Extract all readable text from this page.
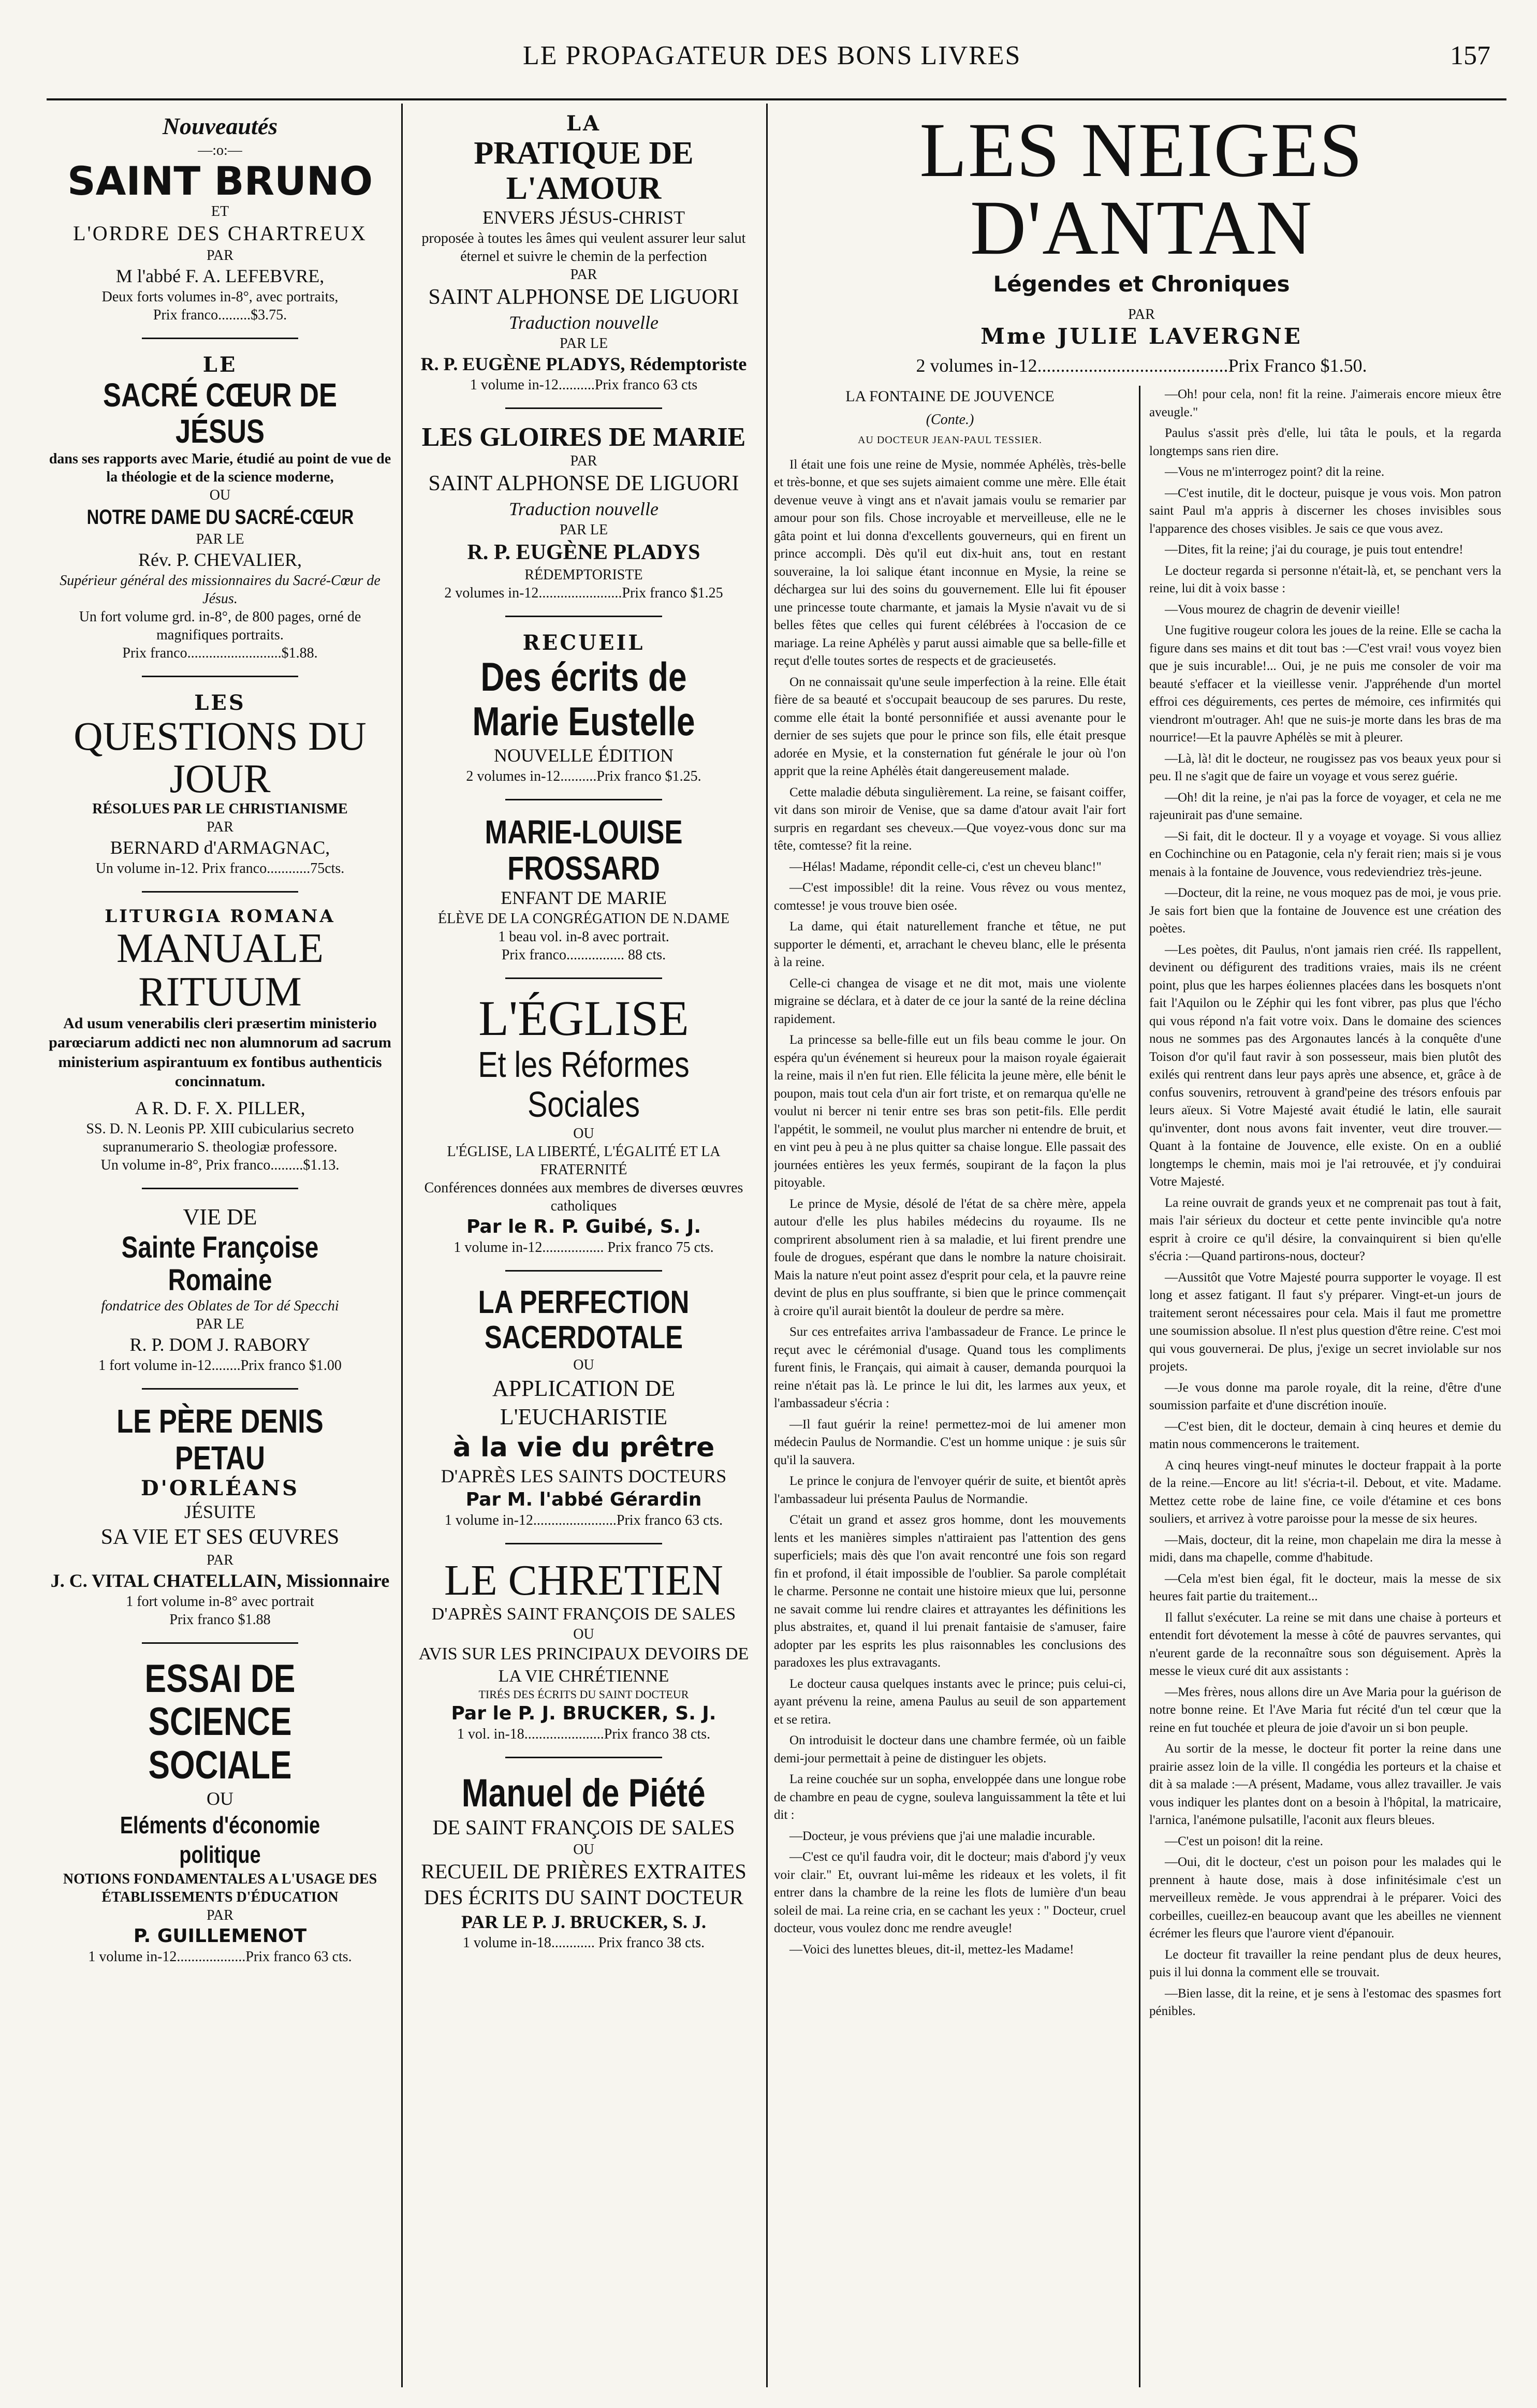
LE PROPAGATEUR DES BONS LIVRES	157
Nouveautés
—:o:—
SAINT BRUNO
ET
L'ORDRE DES CHARTREUX
PAR
M l'abbé F. A. LEFEBVRE,
Deux forts volumes in-8°, avec portraits,
Prix franco.........$3.75.
LE
SACRÉ CŒUR DE JÉSUS
dans ses rapports avec Marie, étudié au point de vue de la théologie et de la science moderne,
OU
NOTRE DAME DU SACRÉ-CŒUR
PAR LE
Rév. P. CHEVALIER,
Supérieur général des missionnaires du Sacré-Cœur de Jésus.
Un fort volume grd. in-8°, de 800 pages, orné de magnifiques portraits.
Prix franco..........................$1.88.
LES
QUESTIONS DU JOUR
RÉSOLUES PAR LE CHRISTIANISME
PAR
BERNARD d'ARMAGNAC,
Un volume in-12. Prix franco............75cts.
LITURGIA ROMANA
MANUALE RITUUM
Ad usum venerabilis cleri præsertim ministerio parœciarum addicti nec non alumnorum ad sacrum ministerium aspirantuum ex fontibus authenticis concinnatum.
A R. D. F. X. PILLER,
SS. D. N. Leonis PP. XIII cubicularius secreto supranumerario S. theologiæ professore.
Un volume in-8°, Prix franco.........$1.13.
VIE DE
Sainte Françoise Romaine
fondatrice des Oblates de Tor dé Specchi
PAR LE
R. P. DOM J. RABORY
1 fort volume in-12........Prix franco $1.00
LE PÈRE DENIS PETAU
D'ORLÉANS
JÉSUITE
SA VIE ET SES ŒUVRES
PAR
J. C. VITAL CHATELLAIN, Missionnaire
1 fort volume in-8° avec portrait
Prix franco $1.88
ESSAI DE SCIENCE SOCIALE
OU
Eléments d'économie politique
NOTIONS FONDAMENTALES A L'USAGE DES ÉTABLISSEMENTS D'ÉDUCATION
PAR
P. GUILLEMENOT
1 volume in-12...................Prix franco 63 cts.
LA
PRATIQUE DE L'AMOUR
ENVERS JÉSUS-CHRIST
proposée à toutes les âmes qui veulent assurer leur salut éternel et suivre le chemin de la perfection
PAR
SAINT ALPHONSE DE LIGUORI
Traduction nouvelle
PAR LE
R. P. EUGÈNE PLADYS, Rédemptoriste
1 volume in-12..........Prix franco 63 cts
LES GLOIRES DE MARIE
PAR
SAINT ALPHONSE DE LIGUORI
Traduction nouvelle
PAR LE
R. P. EUGÈNE PLADYS
RÉDEMPTORISTE
2 volumes in-12.......................Prix franco $1.25
RECUEIL
Des écrits de Marie Eustelle
NOUVELLE ÉDITION
2 volumes in-12..........Prix franco $1.25.
MARIE-LOUISE FROSSARD
ENFANT DE MARIE
ÉLÈVE DE LA CONGRÉGATION DE N.DAME
1 beau vol. in-8 avec portrait.
Prix franco................ 88 cts.
L'ÉGLISE
Et les Réformes Sociales
OU
L'ÉGLISE, LA LIBERTÉ, L'ÉGALITÉ ET LA FRATERNITÉ
Conférences données aux membres de diverses œuvres catholiques
Par le R. P. Guibé, S. J.
1 volume in-12................. Prix franco 75 cts.
LA PERFECTION SACERDOTALE
OU
APPLICATION DE L'EUCHARISTIE
à la vie du prêtre
D'APRÈS LES SAINTS DOCTEURS
Par M. l'abbé Gérardin
1 volume in-12.......................Prix franco 63 cts.
LE CHRETIEN
D'APRÈS SAINT FRANÇOIS DE SALES
OU
AVIS SUR LES PRINCIPAUX DEVOIRS DE LA VIE CHRÉTIENNE
TIRÉS DES ÉCRITS DU SAINT DOCTEUR
Par le P. J. BRUCKER, S. J.
1 vol. in-18......................Prix franco 38 cts.
Manuel de Piété
DE SAINT FRANÇOIS DE SALES
OU
RECUEIL DE PRIÈRES EXTRAITES DES ÉCRITS DU SAINT DOCTEUR
PAR LE P. J. BRUCKER, S. J.
1 volume in-18............ Prix franco 38 cts.
LES NEIGES D'ANTAN
Légendes et Chroniques
PAR
Mme JULIE LAVERGNE
2 volumes in-12.........................................Prix Franco $1.50.

LA FONTAINE DE JOUVENCE

(Conte.)

AU DOCTEUR JEAN-PAUL TESSIER.

Il était une fois une reine de Mysie, nommée Aphélès, très-belle et très-bonne, et que ses sujets aimaient comme une mère. Elle était devenue veuve à vingt ans et n'avait jamais voulu se remarier par amour pour son fils. Chose incroyable et merveilleuse, elle ne le gâta point et lui donna d'excellents gouverneurs, qui en firent un prince accompli. Dès qu'il eut dix-huit ans, tout en restant souveraine, la loi salique étant inconnue en Mysie, la reine se déchargea sur lui des soins du gouvernement. Elle lui fit épouser une princesse toute charmante, et jamais la Mysie n'avait vu de si belles fêtes que celles qui furent célébrées à l'occasion de ce mariage. La reine Aphélès y parut aussi aimable que sa belle-fille et reçut d'elle toutes sortes de respects et de gracieusetés.

On ne connaissait qu'une seule imperfection à la reine. Elle était fière de sa beauté et s'occupait beaucoup de ses parures. Du reste, comme elle était la bonté personnifiée et aussi avenante pour le dernier de ses sujets que pour le prince son fils, elle était presque adorée en Mysie, et la consternation fut générale le jour où l'on apprit que la reine Aphélès était dangereusement malade.

Cette maladie débuta singulièrement. La reine, se faisant coiffer, vit dans son miroir de Venise, que sa dame d'atour avait l'air fort surpris en regardant ses cheveux.—Que voyez-vous donc sur ma tête, comtesse? fit la reine.

—Hélas! Madame, répondit celle-ci, c'est un cheveu blanc!"

—C'est impossible! dit la reine. Vous rêvez ou vous mentez, comtesse! je vous trouve bien osée.

La dame, qui était naturellement franche et têtue, ne put supporter le démenti, et, arrachant le cheveu blanc, elle le présenta à la reine.

Celle-ci changea de visage et ne dit mot, mais une violente migraine se déclara, et à dater de ce jour la santé de la reine déclina rapidement.

La princesse sa belle-fille eut un fils beau comme le jour. On espéra qu'un événement si heureux pour la maison royale égaierait la reine, mais il n'en fut rien. Elle félicita la jeune mère, elle bénit le poupon, mais tout cela d'un air fort triste, et on remarqua qu'elle ne voulut ni bercer ni tenir entre ses bras son petit-fils. Elle perdit l'appétit, le sommeil, ne voulut plus marcher ni entendre de bruit, et en vint peu à peu à ne plus quitter sa chaise longue. Elle passait des journées entières les yeux fermés, soupirant de la façon la plus pitoyable.

Le prince de Mysie, désolé de l'état de sa chère mère, appela autour d'elle les plus habiles médecins du royaume. Ils ne comprirent absolument rien à sa maladie, et lui firent prendre une foule de drogues, espérant que dans le nombre la nature choisirait. Mais la nature n'eut point assez d'esprit pour cela, et la pauvre reine devint de plus en plus souffrante, si bien que le prince commençait à croire qu'il aurait bientôt la douleur de perdre sa mère.

Sur ces entrefaites arriva l'ambassadeur de France. Le prince le reçut avec le cérémonial d'usage. Quand tous les compliments furent finis, le Français, qui aimait à causer, demanda pourquoi la reine n'était pas là. Le prince le lui dit, les larmes aux yeux, et l'ambassadeur s'écria :

—Il faut guérir la reine! permettez-moi de lui amener mon médecin Paulus de Normandie. C'est un homme unique : je suis sûr qu'il la sauvera.

Le prince le conjura de l'envoyer quérir de suite, et bientôt après l'ambassadeur lui présenta Paulus de Normandie.

C'était un grand et assez gros homme, dont les mouvements lents et les manières simples n'attiraient pas l'attention des gens superficiels; mais dès que l'on avait rencontré une fois son regard fin et profond, il était impossible de l'oublier. Sa parole complétait le charme. Personne ne contait une histoire mieux que lui, personne ne savait comme lui rendre claires et attrayantes les définitions les plus abstraites, et, quand il lui prenait fantaisie de s'amuser, faire adopter par les esprits les plus raisonnables les conclusions des paradoxes les plus extravagants.

Le docteur causa quelques instants avec le prince; puis celui-ci, ayant prévenu la reine, amena Paulus au seuil de son appartement et se retira.

On introduisit le docteur dans une chambre fermée, où un faible demi-jour permettait à peine de distinguer les objets.

La reine couchée sur un sopha, enveloppée dans une longue robe de chambre en peau de cygne, souleva languissamment la tête et lui dit :

—Docteur, je vous préviens que j'ai une maladie incurable.

—C'est ce qu'il faudra voir, dit le docteur; mais d'abord j'y veux voir clair." Et, ouvrant lui-même les rideaux et les volets, il fit entrer dans la chambre de la reine les flots de lumière d'un beau soleil de mai. La reine cria, en se cachant les yeux : " Docteur, cruel docteur, vous voulez donc me rendre aveugle!

—Voici des lunettes bleues, dit-il, mettez-les Madame!

—Oh! pour cela, non! fit la reine. J'aimerais encore mieux être aveugle."

Paulus s'assit près d'elle, lui tâta le pouls, et la regarda longtemps sans rien dire.

—Vous ne m'interrogez point? dit la reine.

—C'est inutile, dit le docteur, puisque je vous vois. Mon patron saint Paul m'a appris à discerner les choses invisibles sous l'apparence des choses visibles. Je sais ce que vous avez.

—Dites, fit la reine; j'ai du courage, je puis tout entendre!

Le docteur regarda si personne n'était-là, et, se penchant vers la reine, lui dit à voix basse :

—Vous mourez de chagrin de devenir vieille!

Une fugitive rougeur colora les joues de la reine. Elle se cacha la figure dans ses mains et dit tout bas :—C'est vrai! vous voyez bien que je suis incurable!... Oui, je ne puis me consoler de voir ma beauté s'effacer et la vieillesse venir. J'appréhende d'un mortel effroi ces déguirements, ces pertes de mémoire, ces infirmités qui viendront m'outrager. Ah! que ne suis-je morte dans les bras de ma nourrice!—Et la pauvre Aphélès se mit à pleurer.

—Là, là! dit le docteur, ne rougissez pas vos beaux yeux pour si peu. Il ne s'agit que de faire un voyage et vous serez guérie.

—Oh! dit la reine, je n'ai pas la force de voyager, et cela ne me rajeunirait pas d'une semaine.

—Si fait, dit le docteur. Il y a voyage et voyage. Si vous alliez en Cochinchine ou en Patagonie, cela n'y ferait rien; mais si je vous menais à la fontaine de Jouvence, vous redeviendriez très-jeune.

—Docteur, dit la reine, ne vous moquez pas de moi, je vous prie. Je sais fort bien que la fontaine de Jouvence est une création des poètes.

—Les poètes, dit Paulus, n'ont jamais rien créé. Ils rappellent, devinent ou défigurent des traditions vraies, mais ils ne créent point, plus que les harpes éoliennes placées dans les bosquets n'ont fait l'Aquilon ou le Zéphir qui les font vibrer, pas plus que l'écho qui vous répond n'a fait votre voix. Dans le domaine des sciences nous ne sommes pas des Argonautes lancés à la conquête d'une Toison d'or qu'il faut ravir à son possesseur, mais bien plutôt des exilés qui rentrent dans leur pays après une absence, et, grâce à de confus souvenirs, retrouvent à grand'peine des trésors enfouis par leurs aïeux. Si Votre Majesté avait étudié le latin, elle saurait qu'inventer, dont nous avons fait inventer, veut dire trouver.—Quant à la fontaine de Jouvence, elle existe. On en a oublié longtemps le chemin, mais moi je l'ai retrouvée, et j'y conduirai Votre Majesté.

La reine ouvrait de grands yeux et ne comprenait pas tout à fait, mais l'air sérieux du docteur et cette pente invincible qu'a notre esprit à croire ce qu'il désire, la convainquirent si bien qu'elle s'écria :—Quand partirons-nous, docteur?

—Aussitôt que Votre Majesté pourra supporter le voyage. Il est long et assez fatigant. Il faut s'y préparer. Vingt-et-un jours de traitement seront nécessaires pour cela. Mais il faut me promettre une soumission absolue. Il n'est plus question d'être reine. C'est moi qui vous gouvernerai. De plus, j'exige un secret inviolable sur nos projets.

—Je vous donne ma parole royale, dit la reine, d'être d'une soumission parfaite et d'une discrétion inouïe.

—C'est bien, dit le docteur, demain à cinq heures et demie du matin nous commencerons le traitement.

A cinq heures vingt-neuf minutes le docteur frappait à la porte de la reine.—Encore au lit! s'écria-t-il. Debout, et vite. Madame. Mettez cette robe de laine fine, ce voile d'étamine et ces bons souliers, et arrivez à votre paroisse pour la messe de six heures.

—Mais, docteur, dit la reine, mon chapelain me dira la messe à midi, dans ma chapelle, comme d'habitude.

—Cela m'est bien égal, fit le docteur, mais la messe de six heures fait partie du traitement...

Il fallut s'exécuter. La reine se mit dans une chaise à porteurs et entendit fort dévotement la messe à côté de pauvres servantes, qui n'eurent garde de la reconnaître sous son déguisement. Après la messe le vieux curé dit aux assistants :

—Mes frères, nous allons dire un Ave Maria pour la guérison de notre bonne reine. Et l'Ave Maria fut récité d'un tel cœur que la reine en fut touchée et pleura de joie d'avoir un si bon peuple.

Au sortir de la messe, le docteur fit porter la reine dans une prairie assez loin de la ville. Il congédia les porteurs et la chaise et dit à sa malade :—A présent, Madame, vous allez travailler. Je vais vous indiquer les plantes dont on a besoin à l'hôpital, la matricaire, l'arnica, l'anémone pulsatille, l'aconit aux fleurs bleues.

—C'est un poison! dit la reine.

—Oui, dit le docteur, c'est un poison pour les malades qui le prennent à haute dose, mais à dose infinitésimale c'est un merveilleux remède. Je vous apprendrai à le préparer. Voici des corbeilles, cueillez-en beaucoup avant que les abeilles ne viennent écrémer les fleurs que l'aurore vient d'épanouir.

Le docteur fit travailler la reine pendant plus de deux heures, puis il lui donna la comment elle se trouvait.

—Bien lasse, dit la reine, et je sens à l'estomac des spasmes fort pénibles.
